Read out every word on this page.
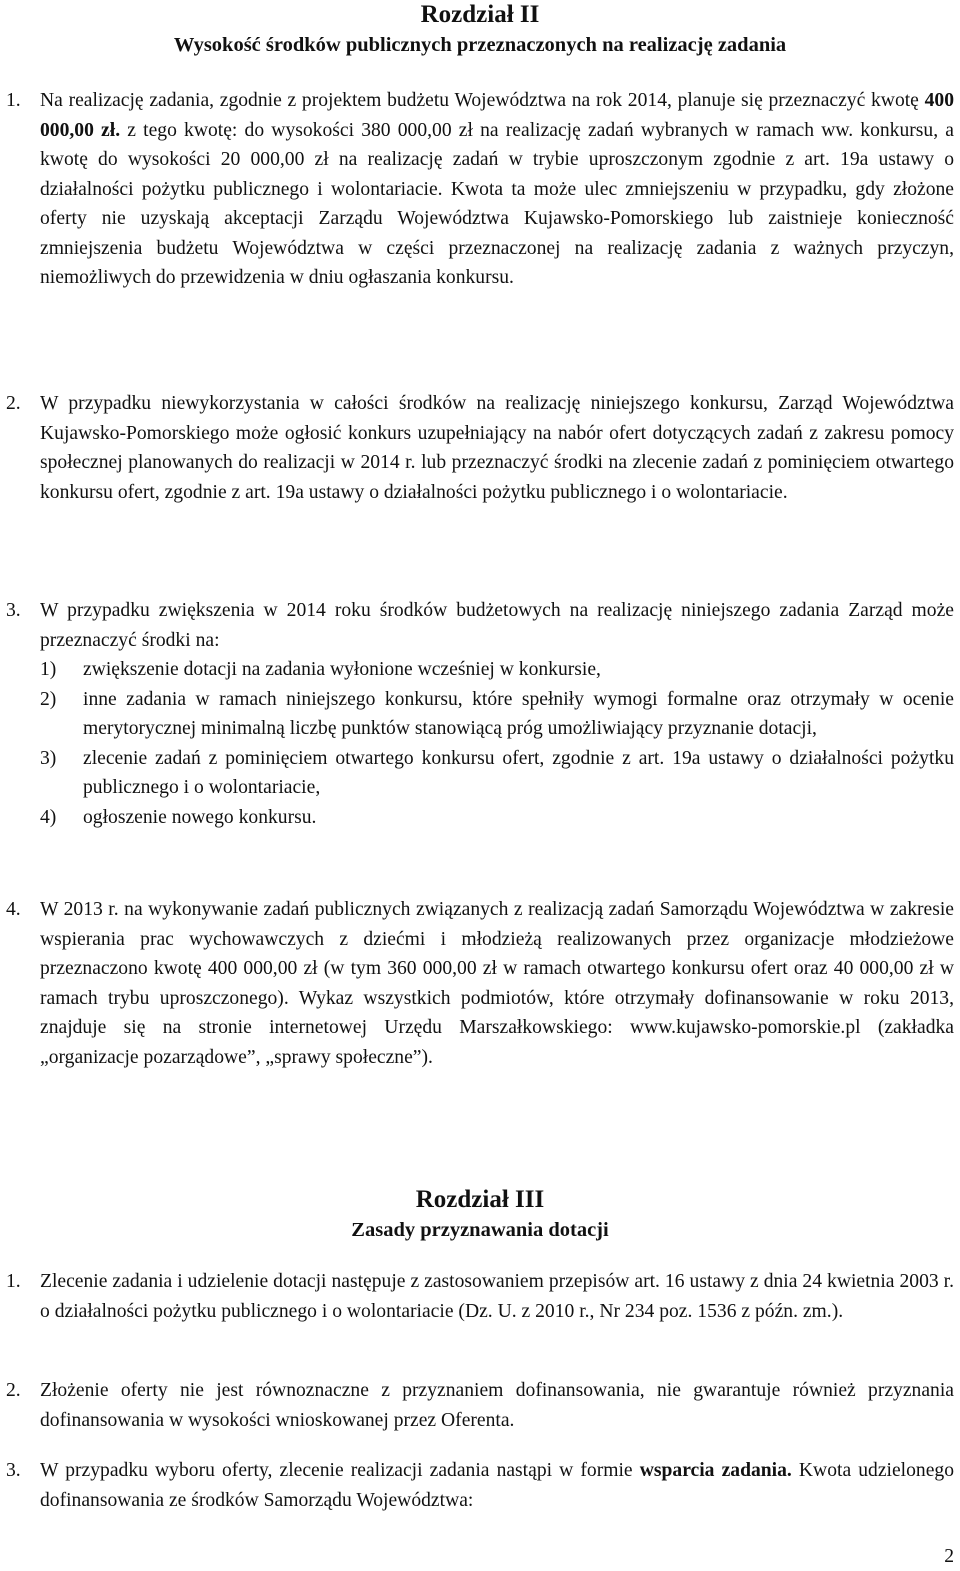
Rozdział II
Wysokość środków publicznych przeznaczonych na realizację zadania
1. Na realizację zadania, zgodnie z projektem budżetu Województwa na rok 2014, planuje się przeznaczyć kwotę 400 000,00 zł. z tego kwotę: do wysokości 380 000,00 zł na realizację zadań wybranych w ramach ww. konkursu, a kwotę do wysokości 20 000,00 zł na realizację zadań w trybie uproszczonym zgodnie z art. 19a ustawy o działalności pożytku publicznego i wolontariacie. Kwota ta może ulec zmniejszeniu w przypadku, gdy złożone oferty nie uzyskają akceptacji Zarządu Województwa Kujawsko-Pomorskiego lub zaistnieje konieczność zmniejszenia budżetu Województwa w części przeznaczonej na realizację zadania z ważnych przyczyn, niemożliwych do przewidzenia w dniu ogłaszania konkursu.
2. W przypadku niewykorzystania w całości środków na realizację niniejszego konkursu, Zarząd Województwa Kujawsko-Pomorskiego może ogłosić konkurs uzupełniający na nabór ofert dotyczących zadań z zakresu pomocy społecznej planowanych do realizacji w 2014 r. lub przeznaczyć środki na zlecenie zadań z pominięciem otwartego konkursu ofert, zgodnie z art. 19a ustawy o działalności pożytku publicznego i o wolontariacie.
3. W przypadku zwiększenia w 2014 roku środków budżetowych na realizację niniejszego zadania Zarząd może przeznaczyć środki na:
1) zwiększenie dotacji na zadania wyłonione wcześniej w konkursie,
2) inne zadania w ramach niniejszego konkursu, które spełniły wymogi formalne oraz otrzymały w ocenie merytorycznej minimalną liczbę punktów stanowiącą próg umożliwiający przyznanie dotacji,
3) zlecenie zadań z pominięciem otwartego konkursu ofert, zgodnie z art. 19a ustawy o działalności pożytku publicznego i o wolontariacie,
4) ogłoszenie nowego konkursu.
4. W 2013 r. na wykonywanie zadań publicznych związanych z realizacją zadań Samorządu Województwa w zakresie wspierania prac wychowawczych z dziećmi i młodzieżą realizowanych przez organizacje młodzieżowe przeznaczono kwotę 400 000,00 zł (w tym 360 000,00 zł w ramach otwartego konkursu ofert oraz 40 000,00 zł w ramach trybu uproszczonego). Wykaz wszystkich podmiotów, które otrzymały dofinansowanie w roku 2013, znajduje się na stronie internetowej Urzędu Marszałkowskiego: www.kujawsko-pomorskie.pl (zakładka „organizacje pozarządowe”, „sprawy społeczne”).
Rozdział III
Zasady przyznawania dotacji
1. Zlecenie zadania i udzielenie dotacji następuje z zastosowaniem przepisów art. 16 ustawy z dnia 24 kwietnia 2003 r. o działalności pożytku publicznego i o wolontariacie (Dz. U. z 2010 r., Nr 234 poz. 1536 z późn. zm.).
2. Złożenie oferty nie jest równoznaczne z przyznaniem dofinansowania, nie gwarantuje również przyznania dofinansowania w wysokości wnioskowanej przez Oferenta.
3. W przypadku wyboru oferty, zlecenie realizacji zadania nastąpi w formie wsparcia zadania. Kwota udzielonego dofinansowania ze środków Samorządu Województwa:
2
